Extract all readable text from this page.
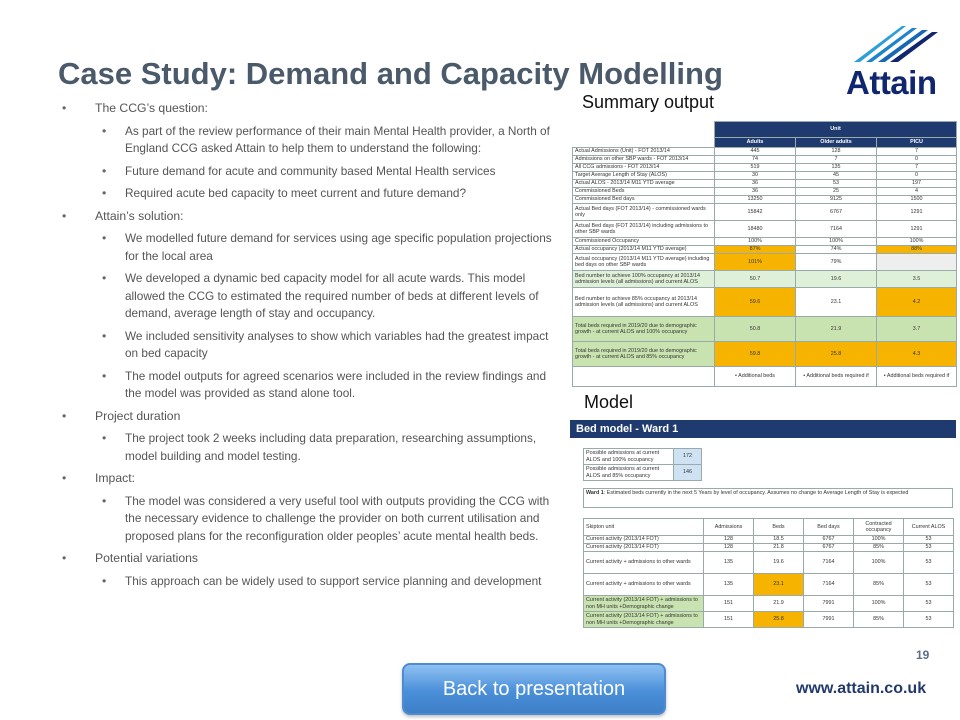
Case Study: Demand and Capacity Modelling	Attain
• The CCG’s question:
• As part of the review performance of their main Mental Health provider, a North of England CCG asked Attain to help them to understand the following:
• Future demand for acute and community based Mental Health services
• Required acute bed capacity to meet current and future demand?
• Attain’s solution:
• We modelled future demand for services using age specific population projections for the local area
• We developed a dynamic bed capacity model for all acute wards. This model allowed the CCG to estimated the required number of beds at different levels of demand, average length of stay and occupancy.
• We included sensitivity analyses to show which variables had the greatest impact on bed capacity
• The model outputs for agreed scenarios were included in the review findings and the model was provided as stand alone tool.
• Project duration
• The project took 2 weeks including data preparation, researching assumptions, model building and model testing.
• Impact:
• The model was considered a very useful tool with outputs providing the CCG with the necessary evidence to challenge the provider on both current utilisation and proposed plans for the reconfiguration older peoples’ acute mental health beds.
• Potential variations
• This approach can be widely used to support service planning and development
Summary output
	Unit		
	Adults	Older adults	PICU
Actual Admissions (Unit) - FOT 2013/14	445	128	7
Admissions on other SBP wards - FOT 2013/14	74	7	0
All CCG admissions - FOT 2013/14	519	135	7
Target Average Length of Stay (ALOS)	30	45	0
Actual ALOS - 2013/14 M11 YTD average	36	53	197
Commissioned Beds	36	25	4
Commissioned Bed days	13250	9125	1500
Actual Bed days (FOT 2013/14) - commissioned wards only	15842	6767	1291
Actual Bed days (FOT 2013/14) including admissions to other SBP wards	18480	7164	1291
Commissioned Occupancy	100%	100%	100%
Actual occupancy (2013/14 M11 YTD average)	87%	74%	88%
Actual occupancy (2013/14 M11 YTD average) including bed days on other SBP wards	101%	79%	
Bed number to achieve 100% occupancy at 2013/14 admission levels (all admissions) and current ALOS	50.7	19.6	3.5
Bed number to achieve 85% occupancy at 2013/14 admission levels (all admissions) and current ALOS	59.6	23.1	4.2
Total beds required in 2019/20 due to demographic growth - at current ALOS and 100% occupancy	50.8	21.9	3.7
Total beds required in 2019/20 due to demographic growth - at current ALOS and 85% occupancy	59.8	25.8	4.3
	• Additional beds	• Additional beds required if	• Additional beds required if
Model
Bed model - Ward 1
Possible admissions at current ALOS and 100% occupancy	172
Possible admissions at current ALOS and 85% occupancy	146
Ward 1: Estimated beds currently in the next 5 Years by level of occupancy. Assumes no change to Average Length of Stay is expected
Skipton unit	Admissions	Beds	Bed days	Contracted occupancy	Current ALOS
Current activity (2013/14 FOT)	128	18.5	6767	100%	53
Current activity (2013/14 FOT)	128	21.8	6767	85%	53
Current activity + admissions to other wards	135	19.6	7164	100%	53
Current activity + admissions to other wards	135	23.1	7164	85%	53
Current activity (2013/14 FOT) + admissions to non MH units +Demographic change	151	21.9	7991	100%	53
Current activity (2013/14 FOT) + admissions to non MH units +Demographic change	151	25.8	7991	85%	53
19
www.attain.co.uk
Back to presentation
